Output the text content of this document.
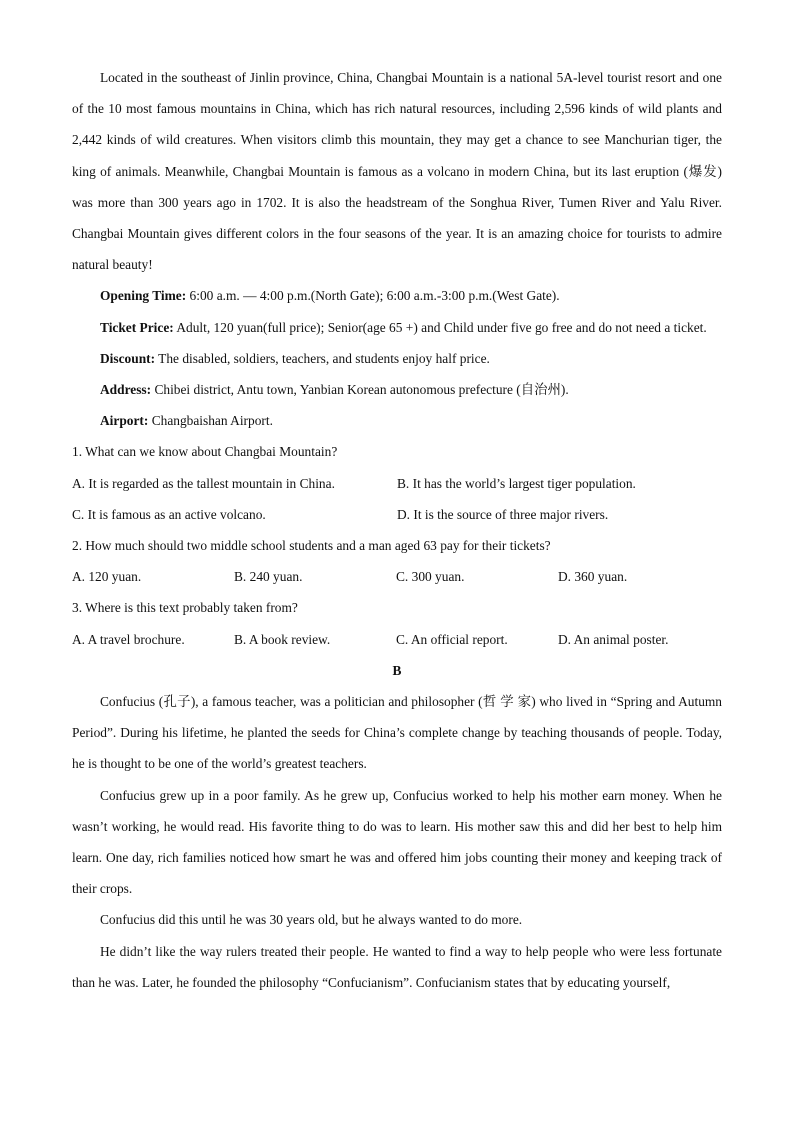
Located in the southeast of Jinlin province, China, Changbai Mountain is a national 5A-level tourist resort and one of the 10 most famous mountains in China, which has rich natural resources, including 2,596 kinds of wild plants and 2,442 kinds of wild creatures. When visitors climb this mountain, they may get a chance to see Manchurian tiger, the king of animals. Meanwhile, Changbai Mountain is famous as a volcano in modern China, but its last eruption (爆发) was more than 300 years ago in 1702. It is also the headstream of the Songhua River, Tumen River and Yalu River. Changbai Mountain gives different colors in the four seasons of the year. It is an amazing choice for tourists to admire natural beauty!

Opening Time: 6:00 a.m. — 4:00 p.m.(North Gate); 6:00 a.m.-3:00 p.m.(West Gate).

Ticket Price: Adult, 120 yuan(full price); Senior(age 65 +) and Child under five go free and do not need a ticket.

Discount: The disabled, soldiers, teachers, and students enjoy half price.

Address: Chibei district, Antu town, Yanbian Korean autonomous prefecture (自治州).

Airport: Changbaishan Airport.

1. What can we know about Changbai Mountain?

A. It is regarded as the tallest mountain in China.	B. It has the world’s largest tiger population.
C. It is famous as an active volcano.	D. It is the source of three major rivers.

2. How much should two middle school students and a man aged 63 pay for their tickets?

A. 120 yuan.	B. 240 yuan.	C. 300 yuan.	D. 360 yuan.

3. Where is this text probably taken from?

A. A travel brochure.	B. A book review.	C. An official report.	D. An animal poster.

B

Confucius (孔子), a famous teacher, was a politician and philosopher (哲 学 家) who lived in “Spring and Autumn Period”. During his lifetime, he planted the seeds for China’s complete change by teaching thousands of people. Today, he is thought to be one of the world’s greatest teachers.

Confucius grew up in a poor family. As he grew up, Confucius worked to help his mother earn money. When he wasn’t working, he would read. His favorite thing to do was to learn. His mother saw this and did her best to help him learn. One day, rich families noticed how smart he was and offered him jobs counting their money and keeping track of their crops.

Confucius did this until he was 30 years old, but he always wanted to do more.

He didn’t like the way rulers treated their people. He wanted to find a way to help people who were less fortunate than he was. Later, he founded the philosophy “Confucianism”. Confucianism states that by educating yourself,
